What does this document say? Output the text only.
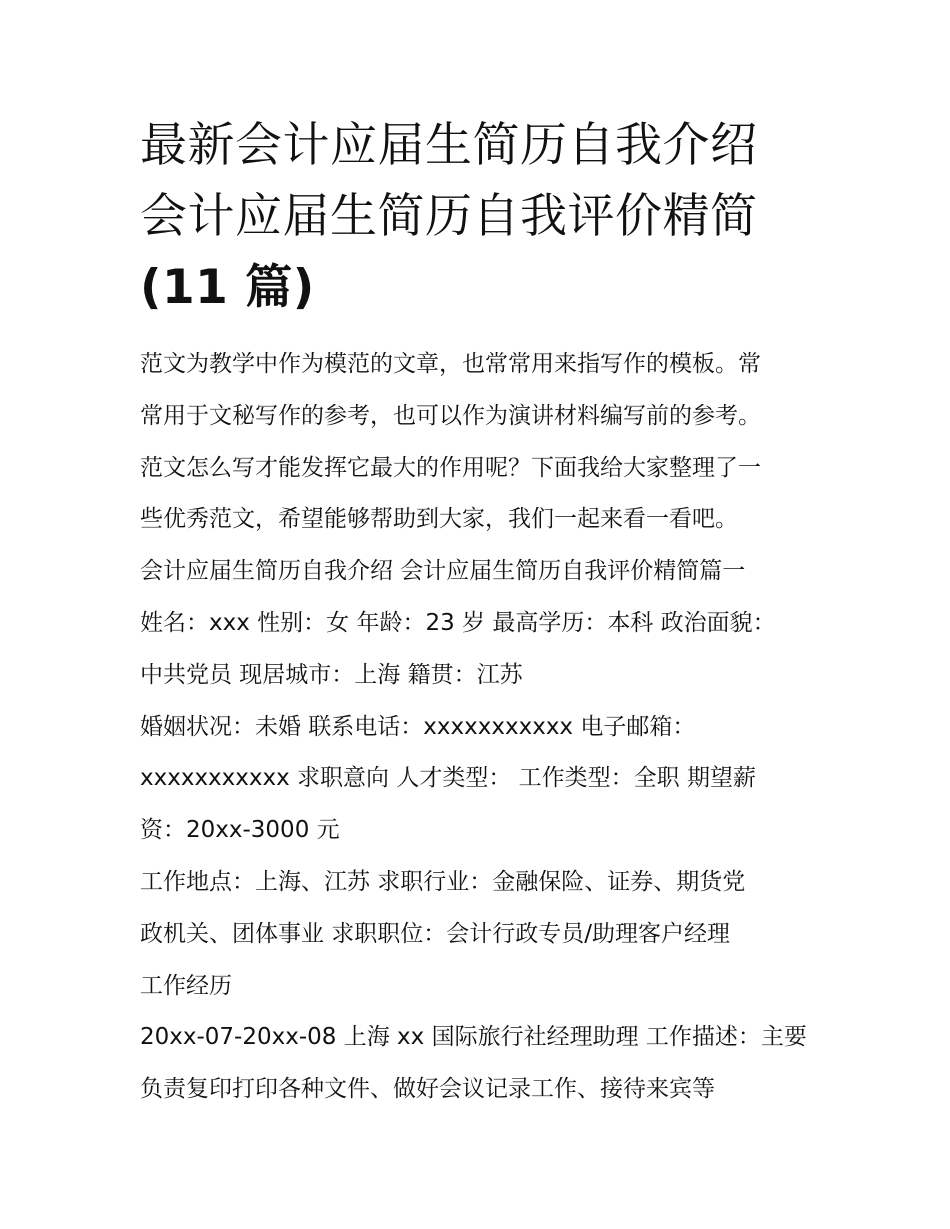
最新会计应届生简历自我介绍
会计应届生简历自我评价精简
(11 篇)
范文为教学中作为模范的文章，也常常用来指写作的模板。常
常用于文秘写作的参考，也可以作为演讲材料编写前的参考。
范文怎么写才能发挥它最大的作用呢？下面我给大家整理了一
些优秀范文，希望能够帮助到大家，我们一起来看一看吧。
会计应届生简历自我介绍 会计应届生简历自我评价精简篇一
姓名：xxx 性别：女 年龄：23 岁 最高学历：本科 政治面貌：
中共党员 现居城市：上海 籍贯：江苏
婚姻状况：未婚 联系电话：xxxxxxxxxxx 电子邮箱：
xxxxxxxxxxx 求职意向 人才类型： 工作类型：全职 期望薪
资：20xx-3000 元
工作地点：上海、江苏 求职行业：金融保险、证券、期货党
政机关、团体事业 求职职位：会计行政专员/助理客户经理
工作经历
20xx-07-20xx-08 上海 xx 国际旅行社经理助理 工作描述：主要
负责复印打印各种文件、做好会议记录工作、接待来宾等
